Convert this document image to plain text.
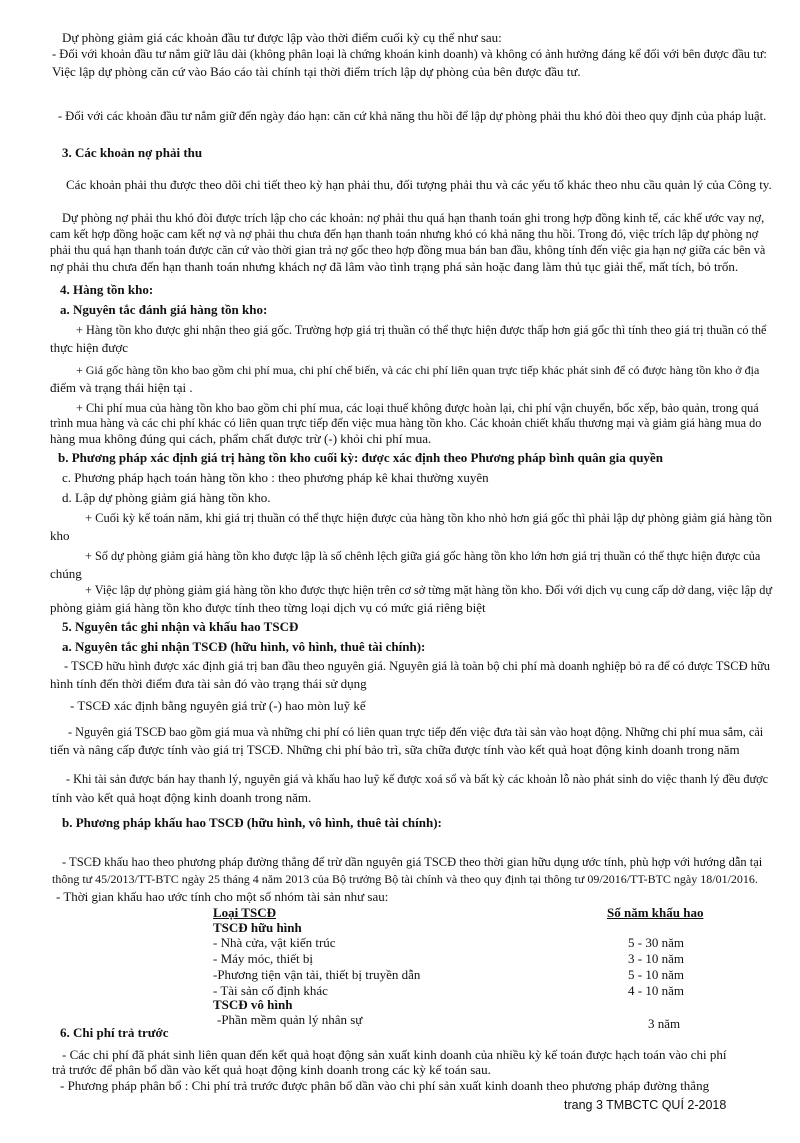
Dự phòng giảm giá các khoản đầu tư được lập vào thời điểm cuối kỳ cụ thể như sau:
- Đối với khoản đầu tư nắm giữ lâu dài (không phân loại là chứng khoán kinh doanh) và không có ảnh hưởng đáng kể đối với bên được đầu tư:
Việc lập dự phòng căn cứ vào Báo cáo tài chính tại thời điểm trích lập dự phòng của bên được đầu tư.
- Đối với các khoản đầu tư nắm giữ đến ngày đáo hạn: căn cứ khả năng thu hồi để lập dự phòng phải thu khó đòi theo quy định của pháp luật.
3. Các khoản nợ phải thu
Các khoản phải thu được theo dõi chi tiết theo kỳ hạn phải thu, đối tượng phải thu và các yếu tố khác theo nhu cầu quản lý của Công ty.
Dự phòng nợ phải thu khó đòi được trích lập cho các khoản: nợ phải thu quá hạn thanh toán ghi trong hợp đồng kinh tế, các khế ước vay nợ,
cam kết hợp đồng hoặc cam kết nợ và nợ phải thu chưa đến hạn thanh toán nhưng khó có khả năng thu hồi. Trong đó, việc trích lập dự phòng nợ
phải thu quá hạn thanh toán được căn cứ vào thời gian trả nợ gốc theo hợp đồng mua bán ban đầu, không tính đến việc gia hạn nợ giữa các bên và
nợ phải thu chưa đến hạn thanh toán nhưng khách nợ đã lâm vào tình trạng phá sản hoặc đang làm thủ tục giải thể, mất tích, bỏ trốn.
4. Hàng tồn kho:
a. Nguyên tắc đánh giá hàng tồn kho:
+ Hàng tồn kho được ghi nhận theo giá gốc. Trường hợp giá trị thuần có thể thực hiện được thấp hơn giá gốc thì tính theo giá trị thuần có thể
thực hiện được
+ Giá gốc hàng tồn kho bao gồm chi phí mua, chi phí chế biến, và các chi phí liên quan trực tiếp khác phát sinh để có được hàng tồn kho ở địa
điểm và trạng thái hiện tại .
+ Chi phí mua của hàng tồn kho bao gồm chi phí mua, các loại thuế không được hoàn lại, chi phí vận chuyển, bốc xếp, bảo quản, trong quá
trình mua hàng và các chi phí khác có liên quan trực tiếp đến việc mua hàng tồn kho. Các khoản chiết khấu thương mại và giảm giá hàng mua do
hàng mua không đúng qui cách, phẩm chất được trừ (-) khỏi chi phí mua.
b. Phương pháp xác định giá trị hàng tồn kho cuối kỳ: được xác định theo Phương pháp bình quân gia quyền
c. Phương pháp hạch toán hàng tồn kho : theo phương pháp kê khai thường xuyên
d. Lập dự phòng giảm giá hàng tồn kho.
+ Cuối kỳ kế toán năm, khi giá trị thuần có thể thực hiện được của hàng tồn kho nhỏ hơn giá gốc thì phải lập dự phòng giảm giá hàng tồn
kho
+ Số dự phòng giảm giá hàng tồn kho được lập là số chênh lệch giữa giá gốc hàng tồn kho lớn hơn giá trị thuần có thể thực hiện được của
chúng
+ Việc lập dự phòng giảm giá hàng tồn kho được thực hiện trên cơ sở từng mặt hàng tồn kho. Đối với dịch vụ cung cấp dở dang, việc lập dự
phòng giảm giá hàng tồn kho được tính theo từng loại dịch vụ có mức giá riêng biệt
5. Nguyên tắc ghi nhận và khấu hao TSCĐ
a. Nguyên tắc ghi nhận TSCĐ (hữu hình, vô hình, thuê tài chính):
- TSCĐ hữu hình được xác định giá trị ban đầu theo nguyên giá. Nguyên giá là toàn bộ chi phí mà doanh nghiệp bỏ ra để có được TSCĐ hữu
hình tính đến thời điểm đưa tài sản đó vào trạng thái sử dụng
- TSCĐ xác định bằng nguyên giá trừ (-) hao mòn luỹ kế
- Nguyên giá TSCĐ bao gồm giá mua và những chi phí có liên quan trực tiếp đến việc đưa tài sản vào hoạt động. Những chi phí mua sắm, cải
tiến và nâng cấp được tính vào giá trị TSCĐ. Những chi phí bảo trì, sữa chữa được tính vào kết quả hoạt động kinh doanh trong năm
- Khi tài sản được bán hay thanh lý, nguyên giá và khấu hao luỹ kế được xoá sổ và bất kỳ các khoản lỗ nào phát sinh do việc thanh lý đều được
tính vào kết quả hoạt động kinh doanh trong năm.
b. Phương pháp khấu hao TSCĐ (hữu hình, vô hình, thuê tài chính):
- TSCĐ khấu hao theo phương pháp đường thẳng để trừ dần nguyên giá TSCĐ theo thời gian hữu dụng ước tính, phù hợp với hướng dẫn tại
thông tư 45/2013/TT-BTC ngày 25 tháng 4 năm 2013 của Bộ trưởng Bộ tài chính và theo quy định tại thông tư 09/2016/TT-BTC ngày 18/01/2016.
- Thời gian khấu hao ước tính cho một số nhóm tài sản như sau:
Loại TSCĐ	Số năm khấu hao
TSCĐ hữu hình
- Nhà cửa, vật kiến trúc	5 - 30 năm
- Máy móc, thiết bị	3 - 10 năm
-Phương tiện vận tải, thiết bị truyền dẫn	5 - 10 năm
- Tài sản cố định khác	4 - 10 năm
TSCĐ vô hình
-Phần mềm quản lý nhân sự	3 năm
6. Chi phí trả trước
- Các chi phí đã phát sinh liên quan đến kết quả hoạt động sản xuất kinh doanh của nhiều kỳ kế toán được hạch toán vào chi phí
trả trước để phân bổ dần vào kết quả hoạt động kinh doanh trong các kỳ kế toán sau.
- Phương pháp phân bổ : Chi phí trả trước được phân bổ dần vào chi phí sản xuất kinh doanh theo phương pháp đường thẳng
trang 3 TMBCTC QUÍ 2-2018
